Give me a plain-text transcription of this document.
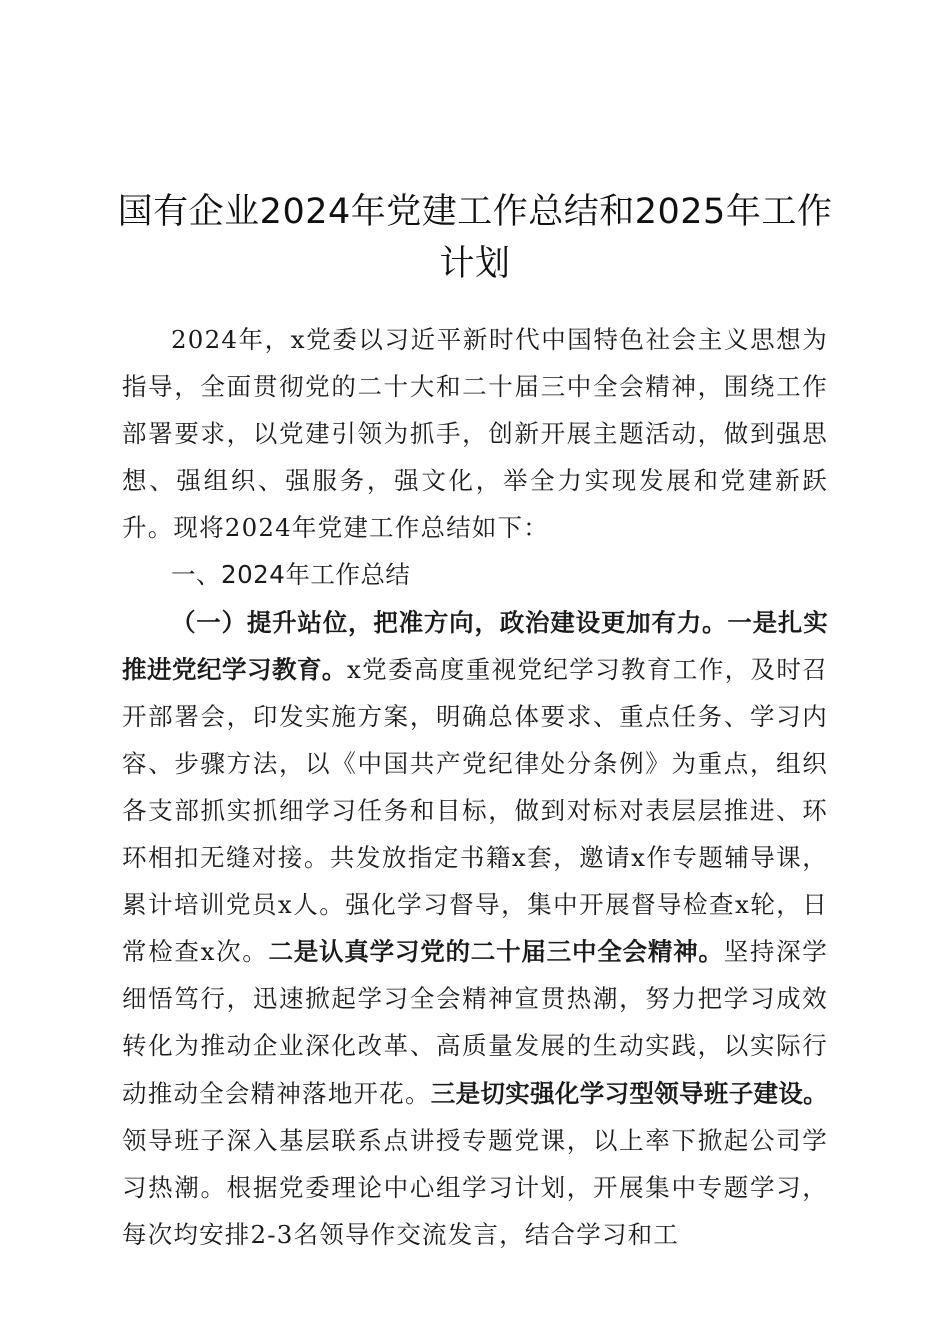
国有企业2024年党建工作总结和2025年工作计划

2024年，x党委以习近平新时代中国特色社会主义思想为指导，全面贯彻党的二十大和二十届三中全会精神，围绕工作部署要求，以党建引领为抓手，创新开展主题活动，做到强思想、强组织、强服务，强文化，举全力实现发展和党建新跃升。现将2024年党建工作总结如下：

一、2024年工作总结

（一）提升站位，把准方向，政治建设更加有力。一是扎实推进党纪学习教育。x党委高度重视党纪学习教育工作，及时召开部署会，印发实施方案，明确总体要求、重点任务、学习内容、步骤方法，以《中国共产党纪律处分条例》为重点，组织各支部抓实抓细学习任务和目标，做到对标对表层层推进、环环相扣无缝对接。共发放指定书籍x套，邀请x作专题辅导课，累计培训党员x人。强化学习督导，集中开展督导检查x轮，日常检查x次。二是认真学习党的二十届三中全会精神。坚持深学细悟笃行，迅速掀起学习全会精神宣贯热潮，努力把学习成效转化为推动企业深化改革、高质量发展的生动实践，以实际行动推动全会精神落地开花。三是切实强化学习型领导班子建设。领导班子深入基层联系点讲授专题党课，以上率下掀起公司学习热潮。根据党委理论中心组学习计划，开展集中专题学习，每次均安排2-3名领导作交流发言，结合学习和工
